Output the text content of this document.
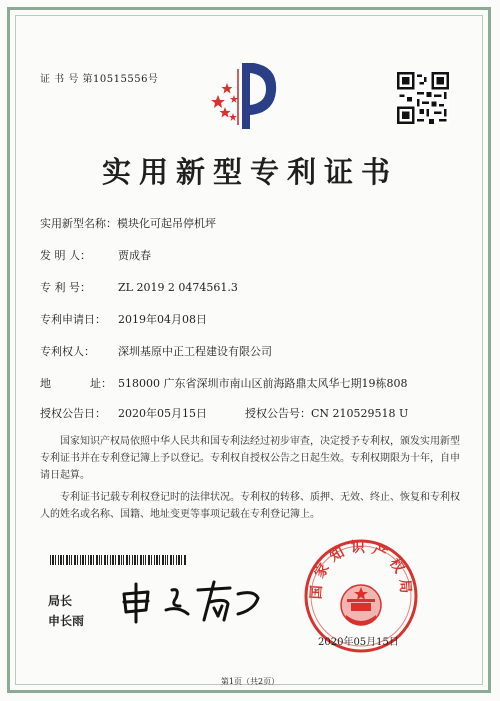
证 书 号 第10515556号
实用新型专利证书
实用新型名称：模块化可起吊停机坪
发 明 人： 贾成春
专 利 号： ZL 2019 2 0474561.3
专利申请日： 2019年04月08日
专利权人： 深圳基原中正工程建设有限公司
地	址： 518000 广东省深圳市南山区前海路鼎太风华七期19栋808
授权公告日： 2020年05月15日	授权公告号：CN 210529518 U
国家知识产权局依照中华人民共和国专利法经过初步审查，决定授予专利权，颁发实用新型专利证书并在专利登记簿上予以登记。专利权自授权公告之日起生效。专利权期限为十年，自申请日起算。
专利证书记载专利权登记时的法律状况。专利权的转移、质押、无效、终止、恢复和专利权人的姓名或名称、国籍、地址变更等事项记载在专利登记簿上。
局长
申长雨
国家知识产权局
2020年05月15日
第1页（共2页）
